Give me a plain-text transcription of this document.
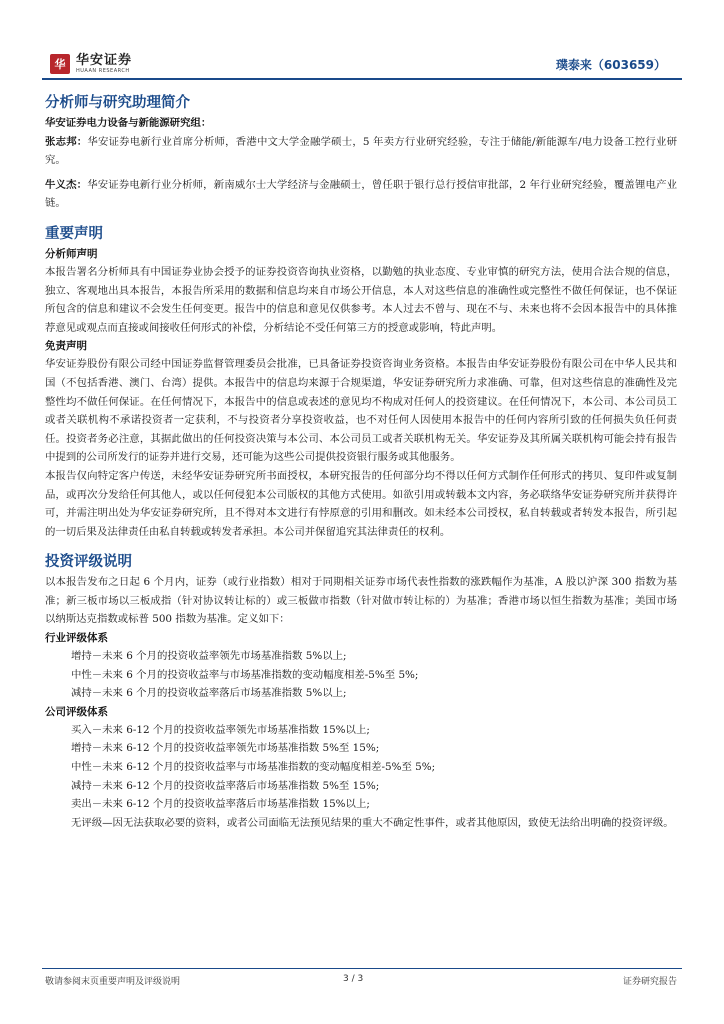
华 华安证券
HUAAN RESEARCH	璞泰来（603659）
分析师与研究助理简介

华安证券电力设备与新能源研究组：

张志邦：华安证券电新行业首席分析师，香港中文大学金融学硕士，5 年卖方行业研究经验，专注于储能/新能源车/电力设备工控行业研究。

牛义杰：华安证券电新行业分析师，新南威尔士大学经济与金融硕士，曾任职于银行总行授信审批部，2 年行业研究经验，覆盖锂电产业链。

重要声明

分析师声明

本报告署名分析师具有中国证券业协会授予的证券投资咨询执业资格，以勤勉的执业态度、专业审慎的研究方法，使用合法合规的信息，独立、客观地出具本报告，本报告所采用的数据和信息均来自市场公开信息，本人对这些信息的准确性或完整性不做任何保证，也不保证所包含的信息和建议不会发生任何变更。报告中的信息和意见仅供参考。本人过去不曾与、现在不与、未来也将不会因本报告中的具体推荐意见或观点而直接或间接收任何形式的补偿，分析结论不受任何第三方的授意或影响，特此声明。

免责声明

华安证券股份有限公司经中国证券监督管理委员会批准，已具备证券投资咨询业务资格。本报告由华安证券股份有限公司在中华人民共和国（不包括香港、澳门、台湾）提供。本报告中的信息均来源于合规渠道，华安证券研究所力求准确、可靠，但对这些信息的准确性及完整性均不做任何保证。在任何情况下，本报告中的信息或表述的意见均不构成对任何人的投资建议。在任何情况下，本公司、本公司员工或者关联机构不承诺投资者一定获利，不与投资者分享投资收益，也不对任何人因使用本报告中的任何内容所引致的任何损失负任何责任。投资者务必注意，其据此做出的任何投资决策与本公司、本公司员工或者关联机构无关。华安证券及其所属关联机构可能会持有报告中提到的公司所发行的证券并进行交易，还可能为这些公司提供投资银行服务或其他服务。

本报告仅向特定客户传送，未经华安证券研究所书面授权，本研究报告的任何部分均不得以任何方式制作任何形式的拷贝、复印件或复制品，或再次分发给任何其他人，或以任何侵犯本公司版权的其他方式使用。如欲引用或转载本文内容，务必联络华安证券研究所并获得许可，并需注明出处为华安证券研究所，且不得对本文进行有悖原意的引用和删改。如未经本公司授权，私自转载或者转发本报告，所引起的一切后果及法律责任由私自转载或转发者承担。本公司并保留追究其法律责任的权利。

投资评级说明

以本报告发布之日起 6 个月内，证券（或行业指数）相对于同期相关证券市场代表性指数的涨跌幅作为基准，A 股以沪深 300 指数为基准；新三板市场以三板成指（针对协议转让标的）或三板做市指数（针对做市转让标的）为基准；香港市场以恒生指数为基准；美国市场以纳斯达克指数或标普 500 指数为基准。定义如下：

行业评级体系

增持－未来 6 个月的投资收益率领先市场基准指数 5%以上;

中性－未来 6 个月的投资收益率与市场基准指数的变动幅度相差-5%至 5%;

减持－未来 6 个月的投资收益率落后市场基准指数 5%以上;

公司评级体系

买入－未来 6-12 个月的投资收益率领先市场基准指数 15%以上;

增持－未来 6-12 个月的投资收益率领先市场基准指数 5%至 15%;

中性－未来 6-12 个月的投资收益率与市场基准指数的变动幅度相差-5%至 5%;

减持－未来 6-12 个月的投资收益率落后市场基准指数 5%至 15%;

卖出－未来 6-12 个月的投资收益率落后市场基准指数 15%以上;

无评级—因无法获取必要的资料，或者公司面临无法预见结果的重大不确定性事件，或者其他原因，致使无法给出明确的投资评级。

敬请参阅末页重要声明及评级说明	3 / 3	证券研究报告
